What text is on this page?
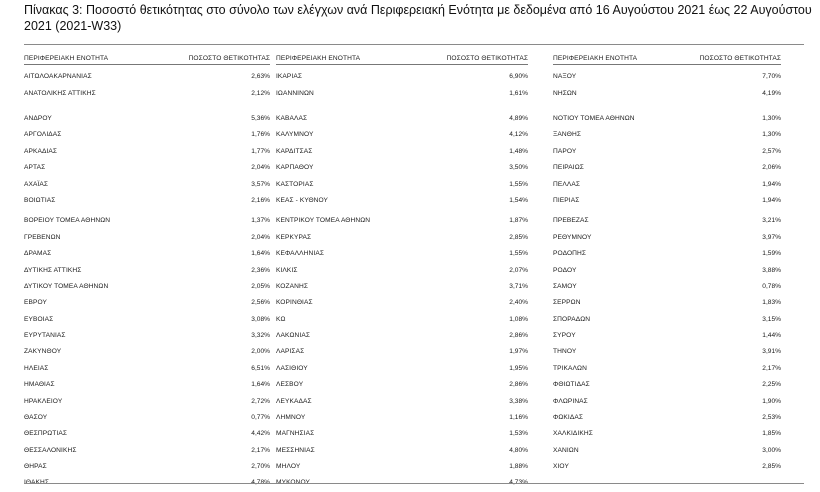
Πίνακας 3: Ποσοστό θετικότητας στο σύνολο των ελέγχων ανά Περιφερειακή Ενότητα με δεδομένα από 16 Αυγούστου 2021 έως 22 Αυγούστου 2021 (2021-W33)
ΠΕΡΙΦΕΡΕΙΑΚΗ ΕΝΟΤΗΤΑ	ΠΟΣΟΣΤΟ ΘΕΤΙΚΟΤΗΤΑΣ
ΑΙΤΩΛΟΑΚΑΡΝΑΝΙΑΣ	2,63%
ΑΝΑΤΟΛΙΚΗΣ ΑΤΤΙΚΗΣ	2,12%
ΑΝΔΡΟΥ	5,36%
ΑΡΓΟΛΙΔΑΣ	1,76%
ΑΡΚΑΔΙΑΣ	1,77%
ΑΡΤΑΣ	2,04%
ΑΧΑΪΑΣ	3,57%
ΒΟΙΩΤΙΑΣ	2,16%
ΒΟΡΕΙΟΥ ΤΟΜΕΑ ΑΘΗΝΩΝ	1,37%
ΓΡΕΒΕΝΩΝ	2,04%
ΔΡΑΜΑΣ	1,64%
ΔΥΤΙΚΗΣ ΑΤΤΙΚΗΣ	2,36%
ΔΥΤΙΚΟΥ ΤΟΜΕΑ ΑΘΗΝΩΝ	2,05%
ΕΒΡΟΥ	2,56%
ΕΥΒΟΙΑΣ	3,08%
ΕΥΡΥΤΑΝΙΑΣ	3,32%
ΖΑΚΥΝΘΟΥ	2,00%
ΗΛΕΙΑΣ	6,51%
ΗΜΑΘΙΑΣ	1,64%
ΗΡΑΚΛΕΙΟΥ	2,72%
ΘΑΣΟΥ	0,77%
ΘΕΣΠΡΩΤΙΑΣ	4,42%
ΘΕΣΣΑΛΟΝΙΚΗΣ	2,17%
ΘΗΡΑΣ	2,70%
ΙΘΑΚΗΣ	4,78%
ΠΕΡΙΦΕΡΕΙΑΚΗ ΕΝΟΤΗΤΑ	ΠΟΣΟΣΤΟ ΘΕΤΙΚΟΤΗΤΑΣ
ΙΚΑΡΙΑΣ	6,90%
ΙΩΑΝΝΙΝΩΝ	1,61%
ΚΑΒΑΛΑΣ	4,89%
ΚΑΛΥΜΝΟΥ	4,12%
ΚΑΡΔΙΤΣΑΣ	1,48%
ΚΑΡΠΑΘΟΥ	3,50%
ΚΑΣΤΟΡΙΑΣ	1,55%
ΚΕΑΣ - ΚΥΘΝΟΥ	1,54%
ΚΕΝΤΡΙΚΟΥ ΤΟΜΕΑ ΑΘΗΝΩΝ	1,87%
ΚΕΡΚΥΡΑΣ	2,85%
ΚΕΦΑΛΛΗΝΙΑΣ	1,55%
ΚΙΛΚΙΣ	2,07%
ΚΟΖΑΝΗΣ	3,71%
ΚΟΡΙΝΘΙΑΣ	2,40%
ΚΩ	1,08%
ΛΑΚΩΝΙΑΣ	2,86%
ΛΑΡΙΣΑΣ	1,97%
ΛΑΣΙΘΙΟΥ	1,95%
ΛΕΣΒΟΥ	2,86%
ΛΕΥΚΑΔΑΣ	3,38%
ΛΗΜΝΟΥ	1,16%
ΜΑΓΝΗΣΙΑΣ	1,53%
ΜΕΣΣΗΝΙΑΣ	4,80%
ΜΗΛΟΥ	1,88%
ΜΥΚΟΝΟΥ	4,73%
ΠΕΡΙΦΕΡΕΙΑΚΗ ΕΝΟΤΗΤΑ	ΠΟΣΟΣΤΟ ΘΕΤΙΚΟΤΗΤΑΣ
ΝΑΞΟΥ	7,70%
ΝΗΣΩΝ	4,19%
ΝΟΤΙΟΥ ΤΟΜΕΑ ΑΘΗΝΩΝ	1,30%
ΞΑΝΘΗΣ	1,30%
ΠΑΡΟΥ	2,57%
ΠΕΙΡΑΙΩΣ	2,06%
ΠΕΛΛΑΣ	1,94%
ΠΙΕΡΙΑΣ	1,94%
ΠΡΕΒΕΖΑΣ	3,21%
ΡΕΘΥΜΝΟΥ	3,97%
ΡΟΔΟΠΗΣ	1,59%
ΡΟΔΟΥ	3,88%
ΣΑΜΟΥ	0,78%
ΣΕΡΡΩΝ	1,83%
ΣΠΟΡΑΔΩΝ	3,15%
ΣΥΡΟΥ	1,44%
ΤΗΝΟΥ	3,91%
ΤΡΙΚΑΛΩΝ	2,17%
ΦΘΙΩΤΙΔΑΣ	2,25%
ΦΛΩΡΙΝΑΣ	1,90%
ΦΩΚΙΔΑΣ	2,53%
ΧΑΛΚΙΔΙΚΗΣ	1,85%
ΧΑΝΙΩΝ	3,00%
ΧΙΟΥ	2,85%
